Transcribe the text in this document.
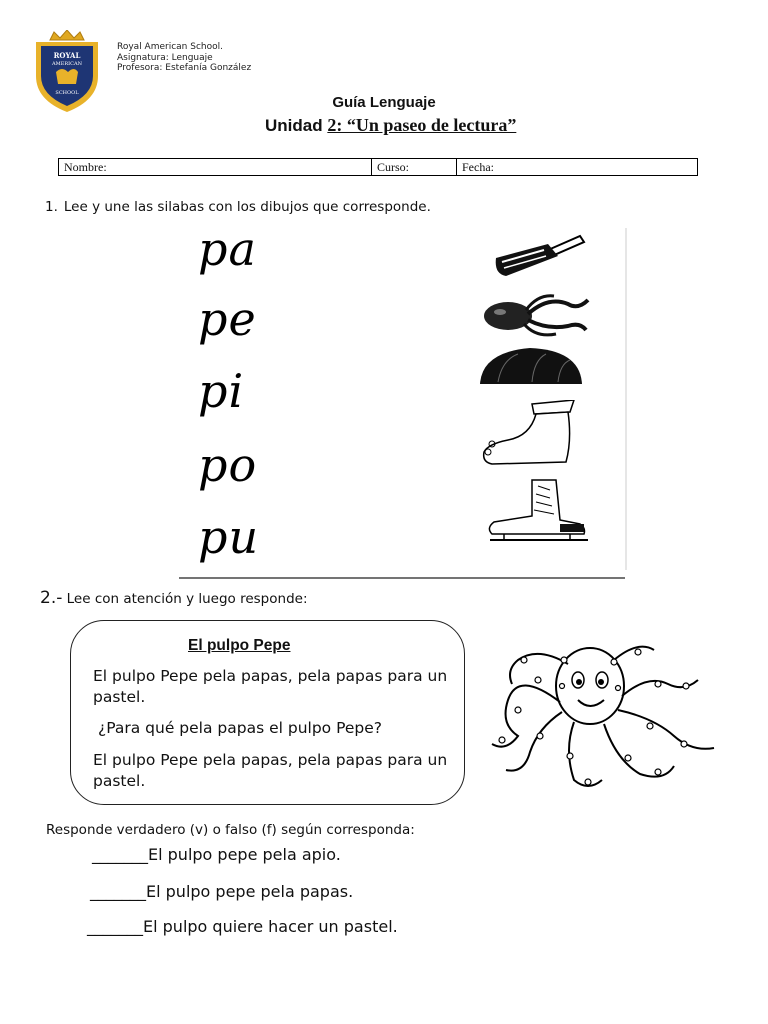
ROYAL
AMERICAN
SCHOOL
Royal American School.
Asignatura: Lenguaje
Profesora: Estefanía González
Guía Lenguaje
Unidad 2: “Un paseo de lectura”
Nombre:	Curso:	Fecha:
1. Lee y une las silabas con los dibujos que corresponde.
pa
pe
pi
po
pu
2.- Lee con atención y luego responde:
El pulpo Pepe
El pulpo Pepe pela papas, pela papas para un pastel.
¿Para qué pela papas el pulpo Pepe?
El pulpo Pepe pela papas, pela papas para un pastel.
Responde verdadero (v) o falso (f) según corresponda:
_______El pulpo pepe pela apio.
_______El pulpo pepe pela papas.
_______El pulpo quiere hacer un pastel.
